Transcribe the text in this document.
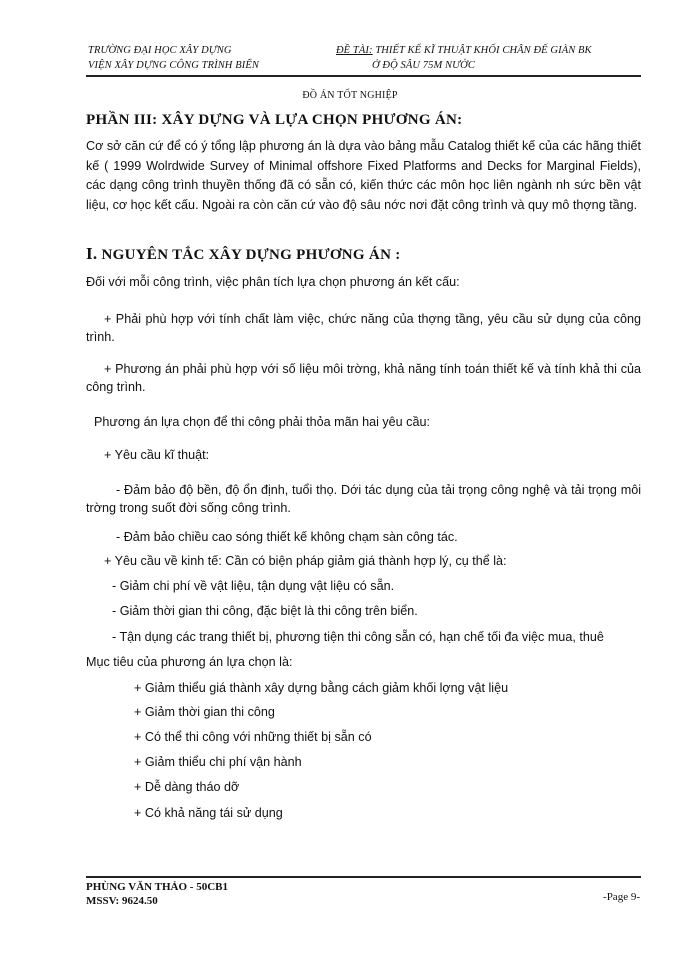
TRƯỜNG ĐẠI HỌC XÂY DỰNG
VIỆN XÂY DỰNG CÔNG TRÌNH BIỂN
ĐỀ TÀI: THIẾT KẾ KĨ THUẬT KHỐI CHÂN ĐẾ GIÀN BK
Ở ĐỘ SÂU 75M NƯỚC
ĐỒ ÁN TỐT NGHIỆP
PHẦN III: XÂY DỰNG VÀ LỰA CHỌN PHƯƠNG ÁN:
Cơ sở căn cứ để có ý tổng lập phương án là dựa vào bảng mẫu Catalog thiết kế của các hãng thiết kế ( 1999 Wolrdwide Survey of Minimal offshore Fixed Platforms and Decks for Marginal Fields), các dạng công trình thuyền thống đã có sẵn có, kiến thức các môn học liên ngành nh sức bền vật liệu, cơ học kết cấu. Ngoài ra còn căn cứ vào độ sâu nớc nơi đặt công trình và quy mô thợng tầng.
I. NGUYÊN TẮC XÂY DỰNG PHƯƠNG ÁN :
Đối với mỗi công trình, việc phân tích lựa chọn phương án kết cấu:
+ Phải phù hợp với tính chất làm việc, chức năng của thợng tầng, yêu cầu sử dụng của công trình.
+ Phương án phải phù hợp với số liệu môi trờng, khả năng tính toán thiết kế và tính khả thi của công trình.
Phương án lựa chọn để thi công phải thỏa mãn hai yêu cầu:
+ Yêu cầu kĩ thuật:
- Đảm bảo độ bền, độ ổn định, tuổi thọ. Dới tác dụng của tải trọng công nghệ và tải trọng môi trờng trong suốt đời sống công trình.
- Đảm bảo chiều cao sóng thiết kế không chạm sàn công tác.
+ Yêu cầu về kinh tế: Cần có biện pháp giảm giá thành hợp lý, cụ thể là:
- Giảm chi phí về vật liệu, tận dụng vật liệu có sẵn.
- Giảm thời gian thi công, đặc biệt là thi công trên biển.
- Tận dụng các trang thiết bị, phương tiện thi công sẵn có, hạn chế tối đa việc mua, thuê
Mục tiêu của phương án lựa chọn là:
+ Giảm thiểu giá thành xây dựng bằng cách giảm khối lợng vật liệu
+ Giảm thời gian thi công
+ Có thể thi công với những thiết bị sẵn có
+ Giảm thiểu chi phí vận hành
+ Dễ dàng tháo dỡ
+ Có khả năng tái sử dụng
PHÙNG VĂN THẢO - 50CB1
MSSV: 9624.50	-Page 9-
